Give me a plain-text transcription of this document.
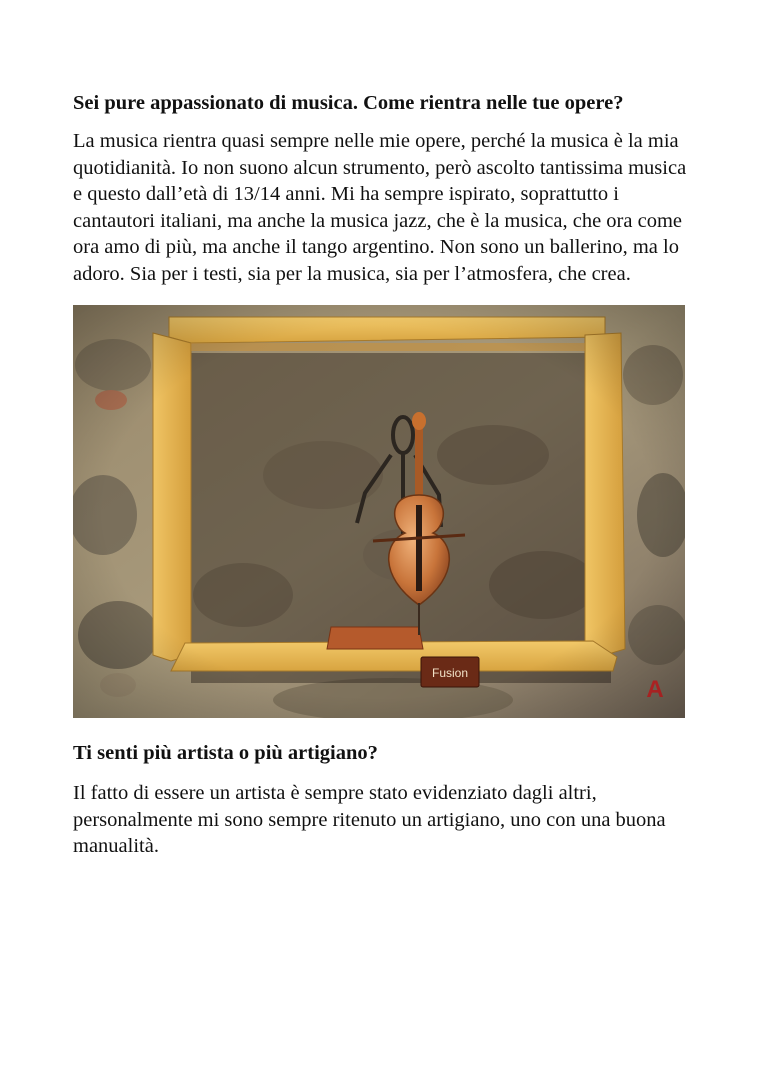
Sei pure appassionato di musica. Come rientra nelle tue opere?

La musica rientra quasi sempre nelle mie opere, perché la musica è la mia quotidianità. Io non suono alcun strumento, però ascolto tantissima musica e questo dall’età di 13/14 anni. Mi ha sempre ispirato, soprattutto i cantautori italiani, ma anche la musica jazz, che è la musica, che ora come ora amo di più, ma anche il tango argentino. Non sono un ballerino, ma lo adoro. Sia per i testi, sia per la musica, sia per l’atmosfera, che crea.

Ti senti più artista o più artigiano?

Il fatto di essere un artista è sempre stato evidenziato dagli altri, personalmente mi sono sempre ritenuto un artigiano, uno con una buona manualità.
